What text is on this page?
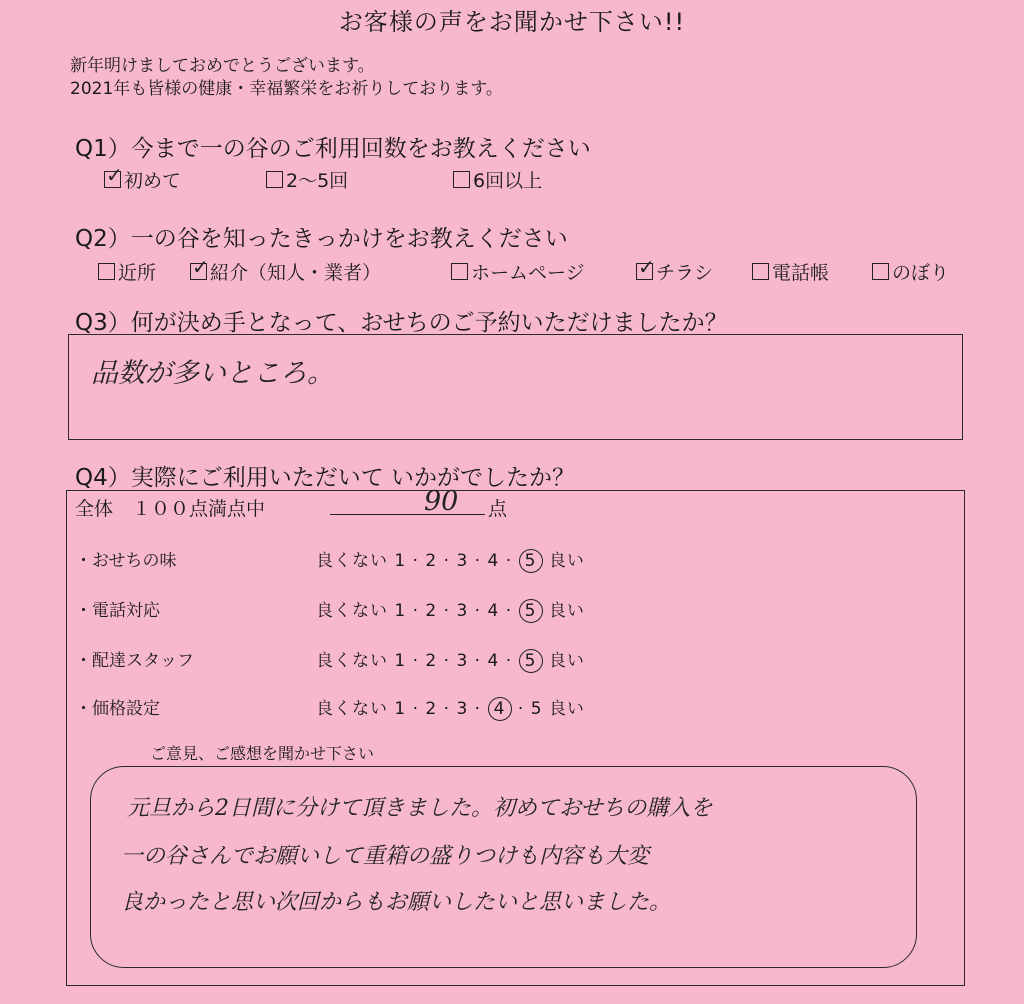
お客様の声をお聞かせ下さい!!
新年明けましておめでとうございます。
2021年も皆様の健康・幸福繁栄をお祈りしております。
Q1）今まで一の谷のご利用回数をお教えください
✓初めて	2～5回	6回以上
Q2）一の谷を知ったきっかけをお教えください
近所 ✓	紹介（知人・業者）	ホームページ ✓	チラシ	電話帳	のぼり
Q3）何が決め手となって、おせちのご予約いただけましたか？
品数が多いところ。
Q4）実際にご利用いただいて いかがでしたか？
全体　１００点満点中	90 点
・おせちの味	良くない 1 · 2 · 3 · 4 · 5 良い
・電話対応	良くない 1 · 2 · 3 · 4 · 5 良い
・配達スタッフ	良くない 1 · 2 · 3 · 4 · 5 良い
・価格設定	良くない 1 · 2 · 3 · 4 · 5 良い
ご意見、ご感想を聞かせ下さい
元旦から2日間に分けて頂きました。初めておせちの購入を
一の谷さんでお願いして重箱の盛りつけも内容も大変
良かったと思い次回からもお願いしたいと思いました。
